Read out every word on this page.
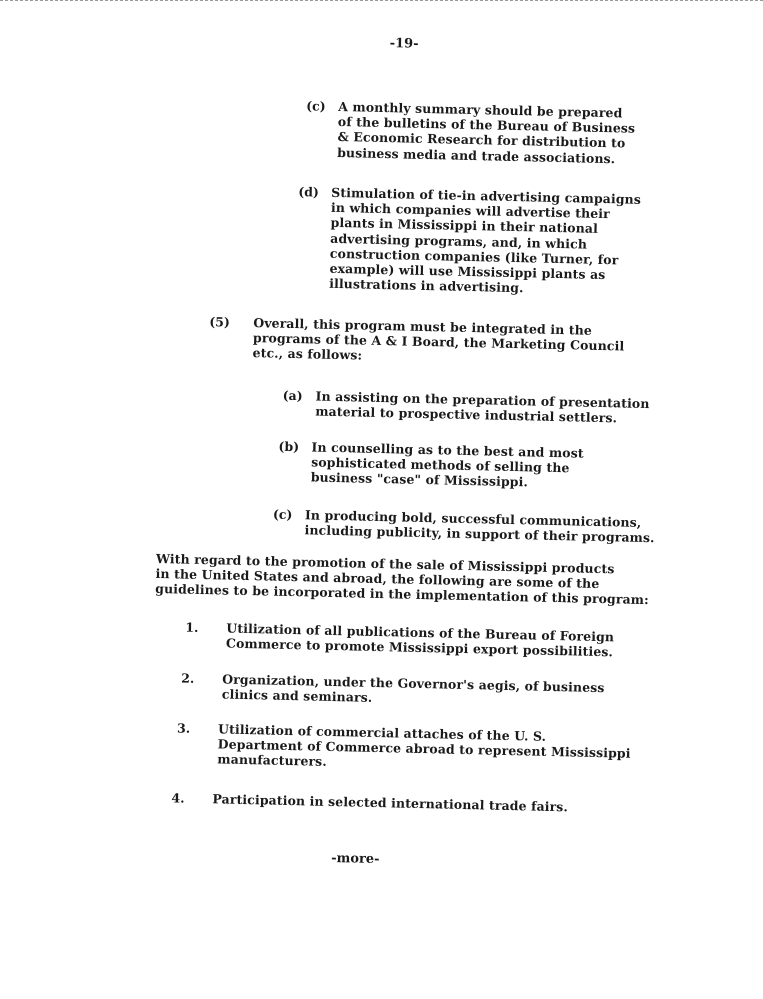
-19-
(c) A monthly summary should be prepared
of the bulletins of the Bureau of Business
& Economic Research for distribution to
business media and trade associations.
(d) Stimulation of tie-in advertising campaigns
in which companies will advertise their
plants in Mississippi in their national
advertising programs, and, in which
construction companies (like Turner, for
example) will use Mississippi plants as
illustrations in advertising.
(5) Overall, this program must be integrated in the
programs of the A & I Board, the Marketing Council
etc., as follows:
(a) In assisting on the preparation of presentation
material to prospective industrial settlers.
(b) In counselling as to the best and most
sophisticated methods of selling the
business "case" of Mississippi.
(c) In producing bold, successful communications,
including publicity, in support of their programs.
With regard to the promotion of the sale of Mississippi products
in the United States and abroad, the following are some of the
guidelines to be incorporated in the implementation of this program:
1. Utilization of all publications of the Bureau of Foreign
Commerce to promote Mississippi export possibilities.
2. Organization, under the Governor's aegis, of business
clinics and seminars.
3. Utilization of commercial attaches of the U. S.
Department of Commerce abroad to represent Mississippi
manufacturers.
4. Participation in selected international trade fairs.
-more-
